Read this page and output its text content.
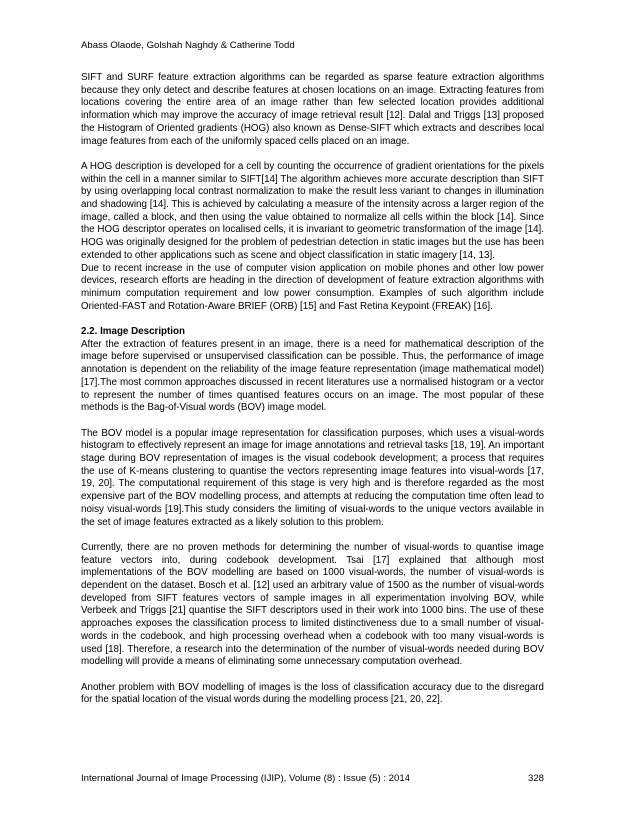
Abass Olaode, Golshah Naghdy & Catherine Todd

SIFT and SURF feature extraction algorithms can be regarded as sparse feature extraction algorithms because they only detect and describe features at chosen locations on an image. Extracting features from locations covering the entire area of an image rather than few selected location provides additional information which may improve the accuracy of image retrieval result [12]. Dalal and Triggs [13] proposed the Histogram of Oriented gradients (HOG) also known as Dense-SIFT which extracts and describes local image features from each of the uniformly spaced cells placed on an image.

A HOG description is developed for a cell by counting the occurrence of gradient orientations for the pixels within the cell in a manner similar to SIFT[14] The algorithm achieves more accurate description than SIFT by using overlapping local contrast normalization to make the result less variant to changes in illumination and shadowing [14]. This is achieved by calculating a measure of the intensity across a larger region of the image, called a block, and then using the value obtained to normalize all cells within the block [14]. Since the HOG descriptor operates on localised cells, it is invariant to geometric transformation of the image [14]. HOG was originally designed for the problem of pedestrian detection in static images but the use has been extended to other applications such as scene and object classification in static imagery [14, 13].

Due to recent increase in the use of computer vision application on mobile phones and other low power devices, research efforts are heading in the direction of development of feature extraction algorithms with minimum computation requirement and low power consumption. Examples of such algorithm include Oriented-FAST and Rotation-Aware BRIEF (ORB) [15] and Fast Retina Keypoint (FREAK) [16].

2.2. Image Description

After the extraction of features present in an image, there is a need for mathematical description of the image before supervised or unsupervised classification can be possible. Thus, the performance of image annotation is dependent on the reliability of the image feature representation (image mathematical model) [17].The most common approaches discussed in recent literatures use a normalised histogram or a vector to represent the number of times quantised features occurs on an image. The most popular of these methods is the Bag-of-Visual words (BOV) image model.

The BOV model is a popular image representation for classification purposes, which uses a visual-words histogram to effectively represent an image for image annotations and retrieval tasks [18, 19]. An important stage during BOV representation of images is the visual codebook development; a process that requires the use of K-means clustering to quantise the vectors representing image features into visual-words [17, 19, 20]. The computational requirement of this stage is very high and is therefore regarded as the most expensive part of the BOV modelling process, and attempts at reducing the computation time often lead to noisy visual-words [19].This study considers the limiting of visual-words to the unique vectors available in the set of image features extracted as a likely solution to this problem.

Currently, there are no proven methods for determining the number of visual-words to quantise image feature vectors into, during codebook development. Tsai [17] explained that although most implementations of the BOV modelling are based on 1000 visual-words, the number of visual-words is dependent on the dataset. Bosch et al. [12] used an arbitrary value of 1500 as the number of visual-words developed from SIFT features vectors of sample images in all experimentation involving BOV, while Verbeek and Triggs [21] quantise the SIFT descriptors used in their work into 1000 bins. The use of these approaches exposes the classification process to limited distinctiveness due to a small number of visual-words in the codebook, and high processing overhead when a codebook with too many visual-words is used [18]. Therefore, a research into the determination of the number of visual-words needed during BOV modelling will provide a means of eliminating some unnecessary computation overhead.

Another problem with BOV modelling of images is the loss of classification accuracy due to the disregard for the spatial location of the visual words during the modelling process [21, 20, 22].

International Journal of Image Processing (IJIP), Volume (8) : Issue (5) : 2014	328
